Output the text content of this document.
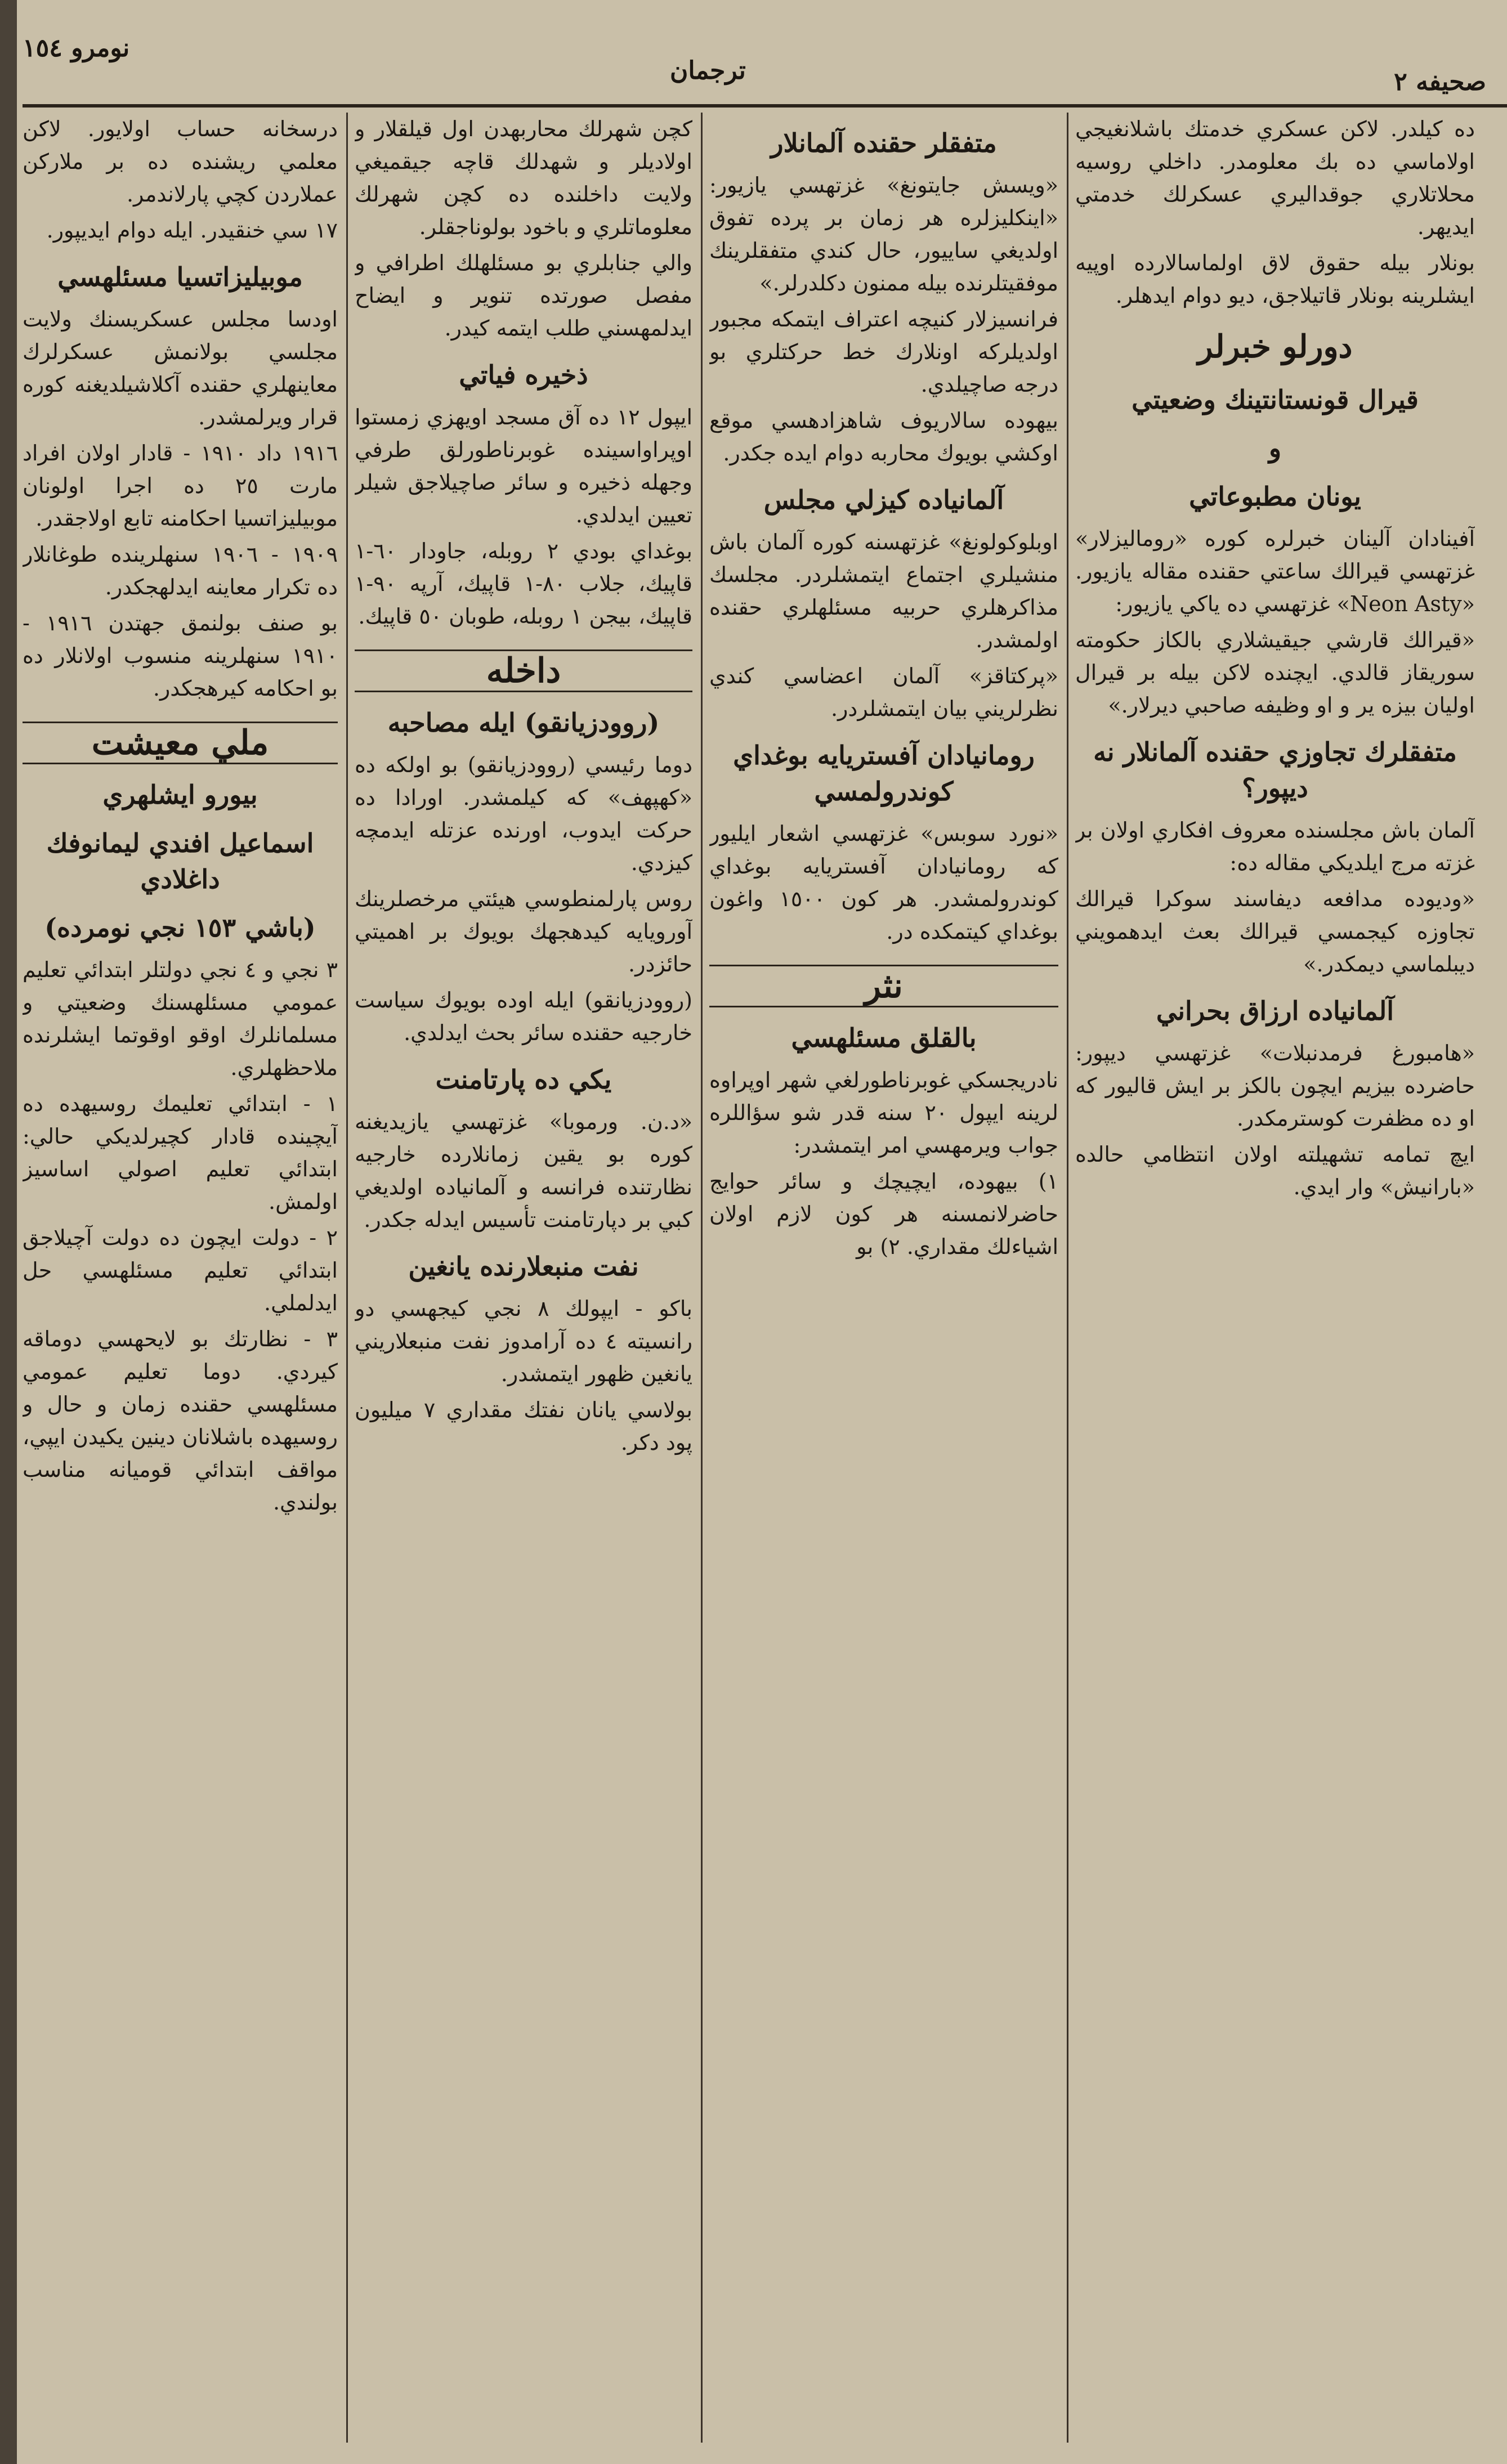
نومرو ١٥٤
ترجمان	صحيفه ٢

ده كيلدر. لاكن عسكري خدمتك باشلانغيجي اولاماسي ده بك معلومدر. داخلي روسيه محلاتلاري جوقداليري عسكرلك خدمتي ايديهر.

بونلار بيله حقوق لاق اولماسالارده اوپيه ايشلرينه بونلار قاتيلاجق، ديو دوام ايدهلر.

دورلو خبرلر
قيرال قونستانتينك وضعيتي
و
يونان مطبوعاتي

آفينادان آلينان خبرلره كوره «روماليزلار» غزتهسي قيرالك ساعتي حقنده مقاله يازيور. «Neon Asty» غزتهسي ده ياكي يازيور:

«قيرالك قارشي جيقيشلاري بالكاز حكومته سوريقاز قالدي. ايچنده لاكن بيله بر قيرال اوليان بيزه ير و او وظيفه صاحبي ديرلار.»

متفقلرك تجاوزي حقنده آلمانلار نه ديپور؟

آلمان باش مجلسنده معروف افكاري اولان بر غزته مرج ايلديكي مقاله ده:

«وديوده مدافعه ديفاسند سوكرا قيرالك تجاوزه كيجمسي قيرالك بعث ايدهمويني ديبلماسي ديمكدر.»

آلمانياده ارزاق بحراني

«هامبورغ فرمدنبلات» غزتهسي ديپور: حاضرده بيزيم ايچون بالكز بر ايش قاليور كه او ده مظفرت كوسترمكدر.

ايچ تمامه تشهيلته اولان انتظامي حالده «بارانيش» وار ايدي.

متفقلر حقنده آلمانلار

«ويسش جايتونغ» غزتهسي يازيور: «اينكليزلره هر زمان بر پرده تفوق اولديغي ساييور، حال كندي متفقلرينك موفقيتلرنده بيله ممنون دكلدرلر.»

فرانسيزلار كنيچه اعتراف ايتمكه مجبور اولديلركه اونلارك خط حركتلري بو درجه صاچيلدي.

بيهوده سالاريوف شاهزادهسي موقع اوكشي بويوك محاربه دوام ايده جكدر.

آلمانياده كيزلي مجلس

اوبلوكولونغ» غزتهسنه كوره آلمان باش منشيلري اجتماع ايتمشلردر. مجلسك مذاكرهلري حربيه مسئلهلري حقنده اولمشدر.

«پركتاقز» آلمان اعضاسي كندي نظرلريني بيان ايتمشلردر.

رومانيادان آفستريايه بوغداي كوندرولمسي

«نورد سوبس» غزتهسي اشعار ايليور كه رومانيادان آفستريايه بوغداي كوندرولمشدر. هر كون ١٥٠٠ واغون بوغداي كيتمكده در.

نثر
بالقلق مسئلهسي

نادريجسكي غوبرناطورلغي شهر اوپراوه لرينه ايپول ٢٠ سنه قدر شو سؤاللره جواب ويرمهسي امر ايتمشدر:

١) بيهوده، ايچيچك و سائر حوايج حاضرلانمسنه هر كون لازم اولان اشياءلك مقداري. ٢) بو

كچن شهرلك محاربهدن اول قيلقلار و اولاديلر و شهدلك قاچه جيقميغي ولايت داخلنده ده كچن شهرلك معلوماتلري و باخود بولوناجقلر.

والي جنابلري بو مسئلهلك اطرافي و مفصل صورتده تنوير و ايضاح ايدلمهسني طلب ايتمه كيدر.

ذخيره فياتي

ايپول ١٢ ده آق مسجد اويهزي زمستوا اوپراواسينده غوبرناطورلق طرفي وجهله ذخيره و سائر صاچيلاجق شيلر تعيين ايدلدي.

بوغداي بودي ٢ روبله، جاودار ٦٠-١ قاپيك، جلاب ٨٠-١ قاپيك، آرپه ٩٠-١ قاپيك، بيجن ١ روبله، طوبان ٥٠ قاپيك.

داخله
(روودزيانقو) ايله مصاحبه

دوما رئيسي (روودزيانقو) بو اولكه ده «كهپهف» كه كيلمشدر. اورادا ده حركت ايدوب، اورنده عزتله ايدمچه كيزدي.

روس پارلمنطوسي هيئتي مرخصلرينك آورويايه كيدهجهك بويوك بر اهميتي حائزدر.

(روودزيانقو) ايله اوده بويوك سياست خارجيه حقنده سائر بحث ايدلدي.

يكي ده پارتامنت

«د.ن. ورموبا» غزتهسي يازيديغنه كوره بو يقين زمانلارده خارجيه نظارتنده فرانسه و آلمانياده اولديغي كبي بر دپارتامنت تأسيس ايدله جكدر.

نفت منبعلارنده يانغين

باكو - ايپولك ٨ نجي كيجهسي دو رانسيته ٤ ده آرامدوز نفت منبعلاريني يانغين ظهور ايتمشدر.

بولاسي يانان نفتك مقداري ٧ ميليون پود دكر.

درسخانه حساب اولايور. لاكن معلمي ريشنده ده بر ملاركن عملاردن كچي پارلاندمر.

١٧ سي خنقيدر. ايله دوام ايديپور.

موبيليزاتسيا مسئلهسي

اودسا مجلس عسكريسنك ولايت مجلسي بولانمش عسكرلرك معاينهلري حقنده آكلاشيلديغنه كوره قرار ويرلمشدر.

١٩١٦ داد ١٩١٠ - قادار اولان افراد مارت ٢٥ ده اجرا اولونان موبيليزاتسيا احكامنه تابع اولاجقدر.

١٩٠٩ - ١٩٠٦ سنهلرينده طوغانلار ده تكرار معاينه ايدلهجكدر.

بو صنف بولنمق جهتدن ١٩١٦ - ١٩١٠ سنهلرينه منسوب اولانلار ده بو احكامه كيرهجكدر.

ملي معيشت
بيورو ايشلهري
اسماعيل افندي ليمانوفك داغلادي
(باشي ١٥٣ نجي نومرده)

٣ نجي و ٤ نجي دولتلر ابتدائي تعليم عمومي مسئلهسنك وضعيتي و مسلمانلرك اوقو اوقوتما ايشلرنده ملاحظهلري.

١ - ابتدائي تعليمك روسيهده ده آيچينده قادار كچيرلديكي حالي: ابتدائي تعليم اصولي اساسيز اولمش.

٢ - دولت ايچون ده دولت آچيلاجق ابتدائي تعليم مسئلهسي حل ايدلملي.

٣ - نظارتك بو لايحهسي دوماقه كيردي. دوما تعليم عمومي مسئلهسي حقنده زمان و حال و روسيهده باشلانان دينين يكيدن ايپي، مواقف ابتدائي قوميانه مناسب بولندي.
